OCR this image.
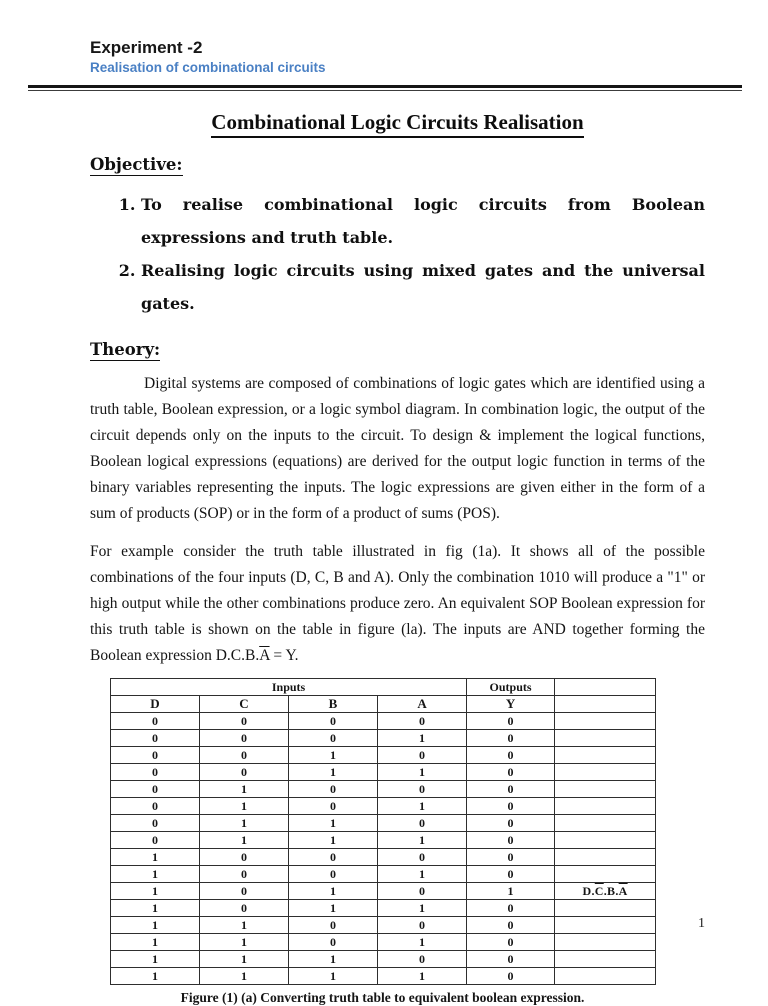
Experiment -2
Realisation of combinational circuits
Combinational Logic Circuits Realisation
Objective:
1. To realise combinational logic circuits from Boolean expressions and truth table.
2. Realising logic circuits using mixed gates and the universal gates.
Theory:

Digital systems are composed of combinations of logic gates which are identified using a truth table, Boolean expression, or a logic symbol diagram. In combination logic, the output of the circuit depends only on the inputs to the circuit. To design & implement the logical functions, Boolean logical expressions (equations) are derived for the output logic function in terms of the binary variables representing the inputs. The logic expressions are given either in the form of a sum of products (SOP) or in the form of a product of sums (POS).

For example consider the truth table illustrated in fig (1a). It shows all of the possible combinations of the four inputs (D, C, B and A). Only the combination 1010 will produce a "1" or high output while the other combinations produce zero. An equivalent SOP Boolean expression for this truth table is shown on the table in figure (la). The inputs are AND together forming the Boolean expression $D.C.B.\overline{A} = Y$.

Inputs				Outputs	
D	C	B	A	Y	
0	0	0	0	0	
0	0	0	1	0	
0	0	1	0	0	
0	0	1	1	0	
0	1	0	0	0	
0	1	0	1	0	
0	1	1	0	0	
0	1	1	1	0	
1	0	0	0	0	
1	0	0	1	0	
1	0	1	0	1	$D.\overline{C}.B.\overline{A}$
1	0	1	1	0	
1	1	0	0	0	
1	1	0	1	0	
1	1	1	0	0	
1	1	1	1	0	
Figure (1) (a) Converting truth table to equivalent boolean expression.
1
